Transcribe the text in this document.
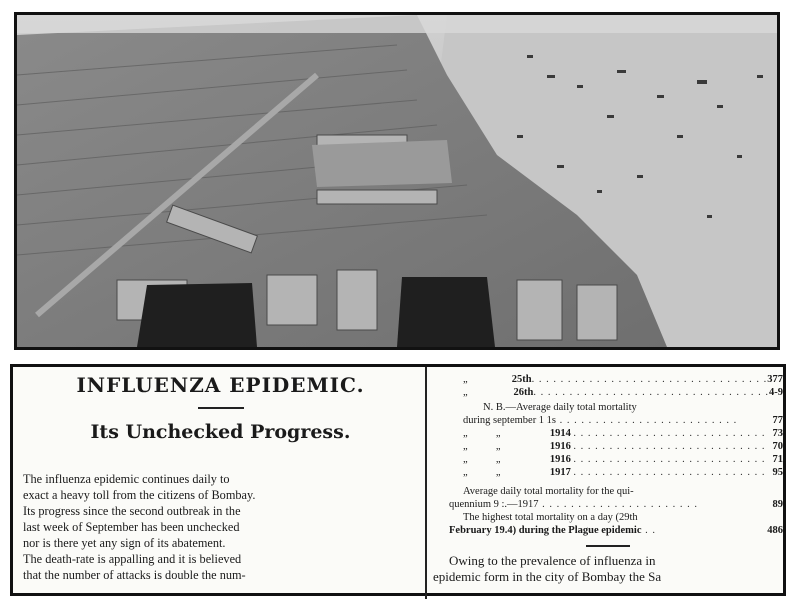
INFLUENZA EPIDEMIC.
Its Unchecked Progress.
The influenza epidemic continues daily to
exact a heavy toll from the citizens of Bombay.
Its progress since the second outbreak in the
last week of September has been unchecked
nor is there yet any sign of its abatement.
The death-rate is appalling and it is believed
that the number of attacks is double the num-
„	25th . . . . . . . . . . . . . . . . . . . . . . . . . . . . . . . . . 377
„	26th . . . . . . . . . . . . . . . . . . . . . . . . . . . . . . . . . 4-9
N. B.—Average daily total mortality
during september 1 1s . . . . . . . . . . . . . . . . . . . . . . . . .	77
„	„	1914 . . . . . . . . . . . . . . . . . . . . . . . . . . . 73
„	„	1916 . . . . . . . . . . . . . . . . . . . . . . . . . . . 70
„	„	1916 . . . . . . . . . . . . . . . . . . . . . . . . . . . 71
„	„	1917 . . . . . . . . . . . . . . . . . . . . . . . . . . . 95
Average daily total mortality for the qui-
quennium 9 :.—1917 . . . . . . . . . . . . . . . . . . . . . .	89
The highest total mortality on a day (29th
February 19.4) during the Plague epidemic . .	486
Owing to the prevalence of influenza in
epidemic form in the city of Bombay the Sa
